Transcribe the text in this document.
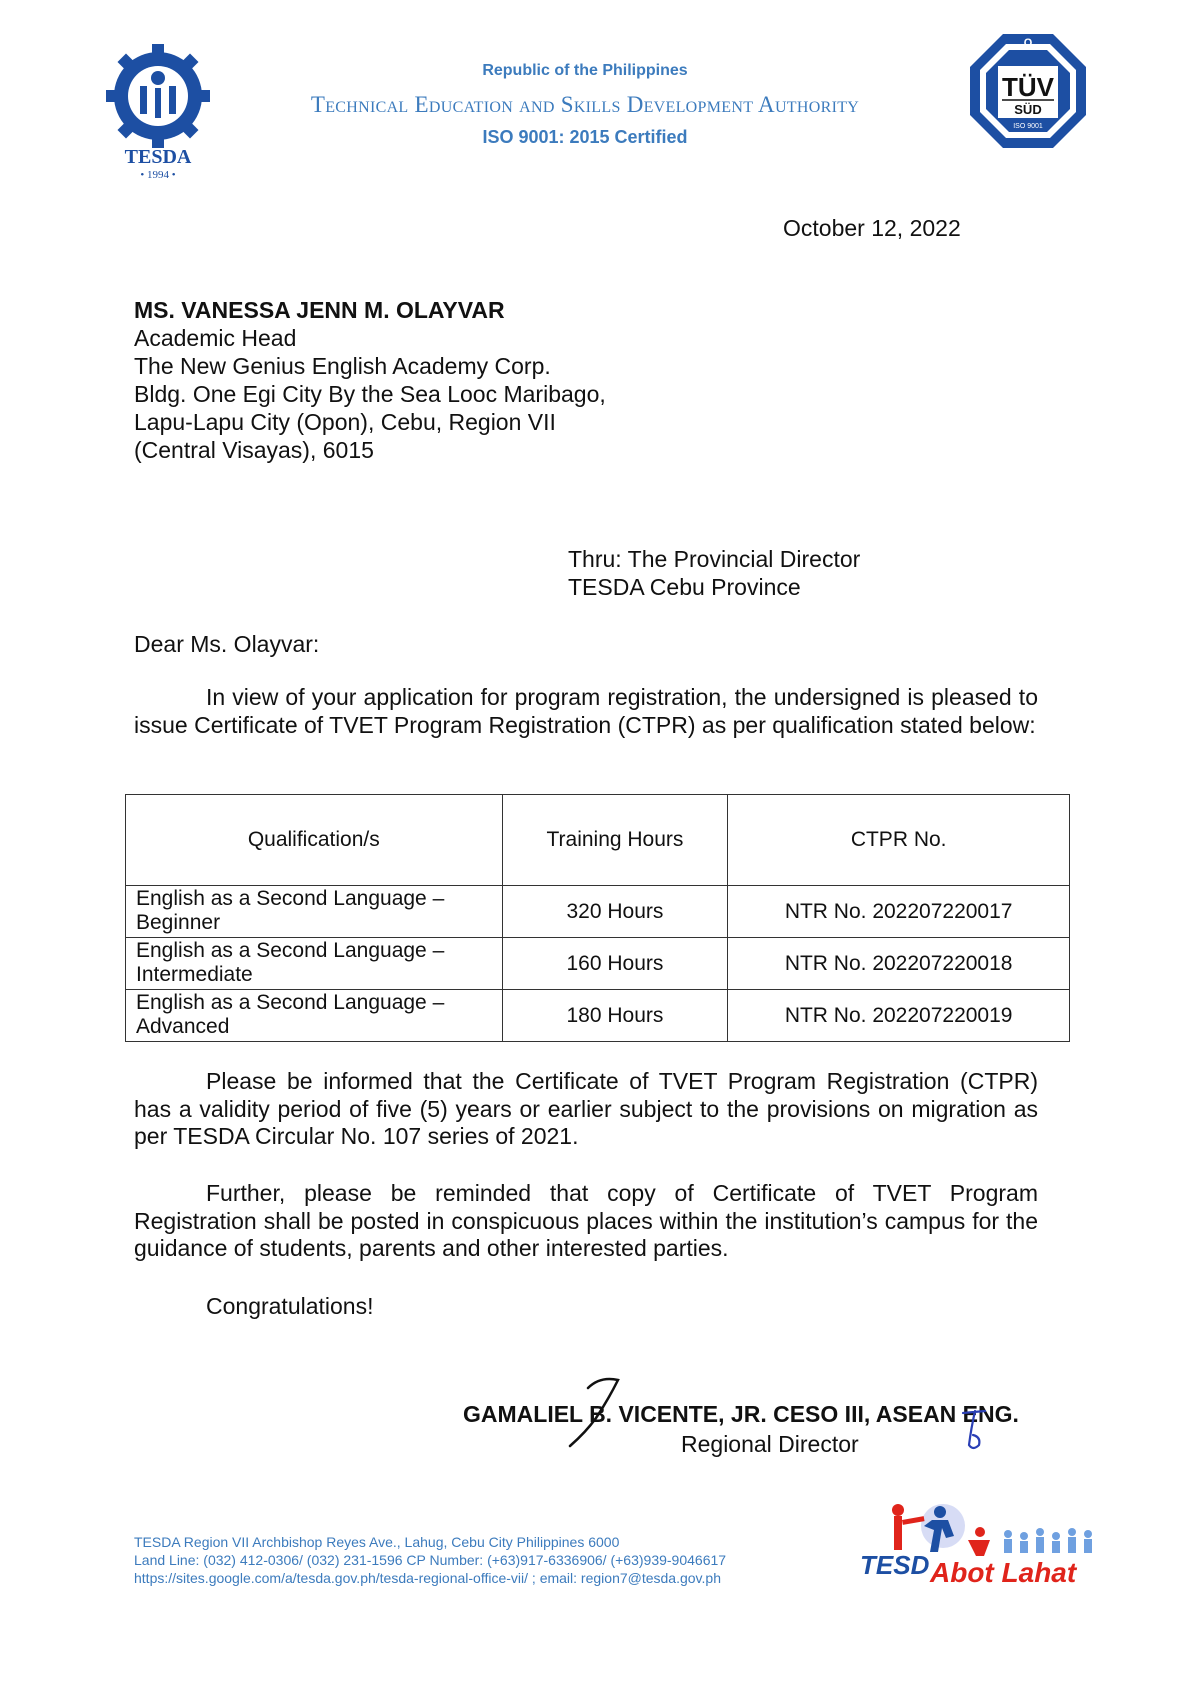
TESDA
• 1994 •
Republic of the Philippines
Technical Education and Skills Development Authority
ISO 9001: 2015 Certified
Q
TÜV
SÜD
ISO 9001
October 12, 2022
MS. VANESSA JENN M. OLAYVAR
Academic Head
The New Genius English Academy Corp.
Bldg. One Egi City By the Sea Looc Maribago,
Lapu-Lapu City (Opon), Cebu, Region VII
(Central Visayas), 6015
Thru: The Provincial Director
TESDA Cebu Province
Dear Ms. Olayvar:
In view of your application for program registration, the undersigned is pleased to issue Certificate of TVET Program Registration (CTPR) as per qualification stated below:
Qualification/s	Training Hours	CTPR No.
English as a Second Language – Beginner	320 Hours	NTR No. 202207220017
English as a Second Language – Intermediate	160 Hours	NTR No. 202207220018
English as a Second Language – Advanced	180 Hours	NTR No. 202207220019
Please be informed that the Certificate of TVET Program Registration (CTPR) has a validity period of five (5) years or earlier subject to the provisions on migration as per TESDA Circular No. 107 series of 2021.
Further, please be reminded that copy of Certificate of TVET Program Registration shall be posted in conspicuous places within the institution’s campus for the guidance of students, parents and other interested parties.
Congratulations!
GAMALIEL B. VICENTE, JR. CESO III, ASEAN ENG.
Regional Director
TESDA Region VII Archbishop Reyes Ave., Lahug, Cebu City Philippines 6000
Land Line: (032) 412-0306/ (032) 231-1596 CP Number: (+63)917-6336906/ (+63)939-9046617
https://sites.google.com/a/tesda.gov.ph/tesda-regional-office-vii/ ; email: region7@tesda.gov.ph	TESD Abot Lahat
